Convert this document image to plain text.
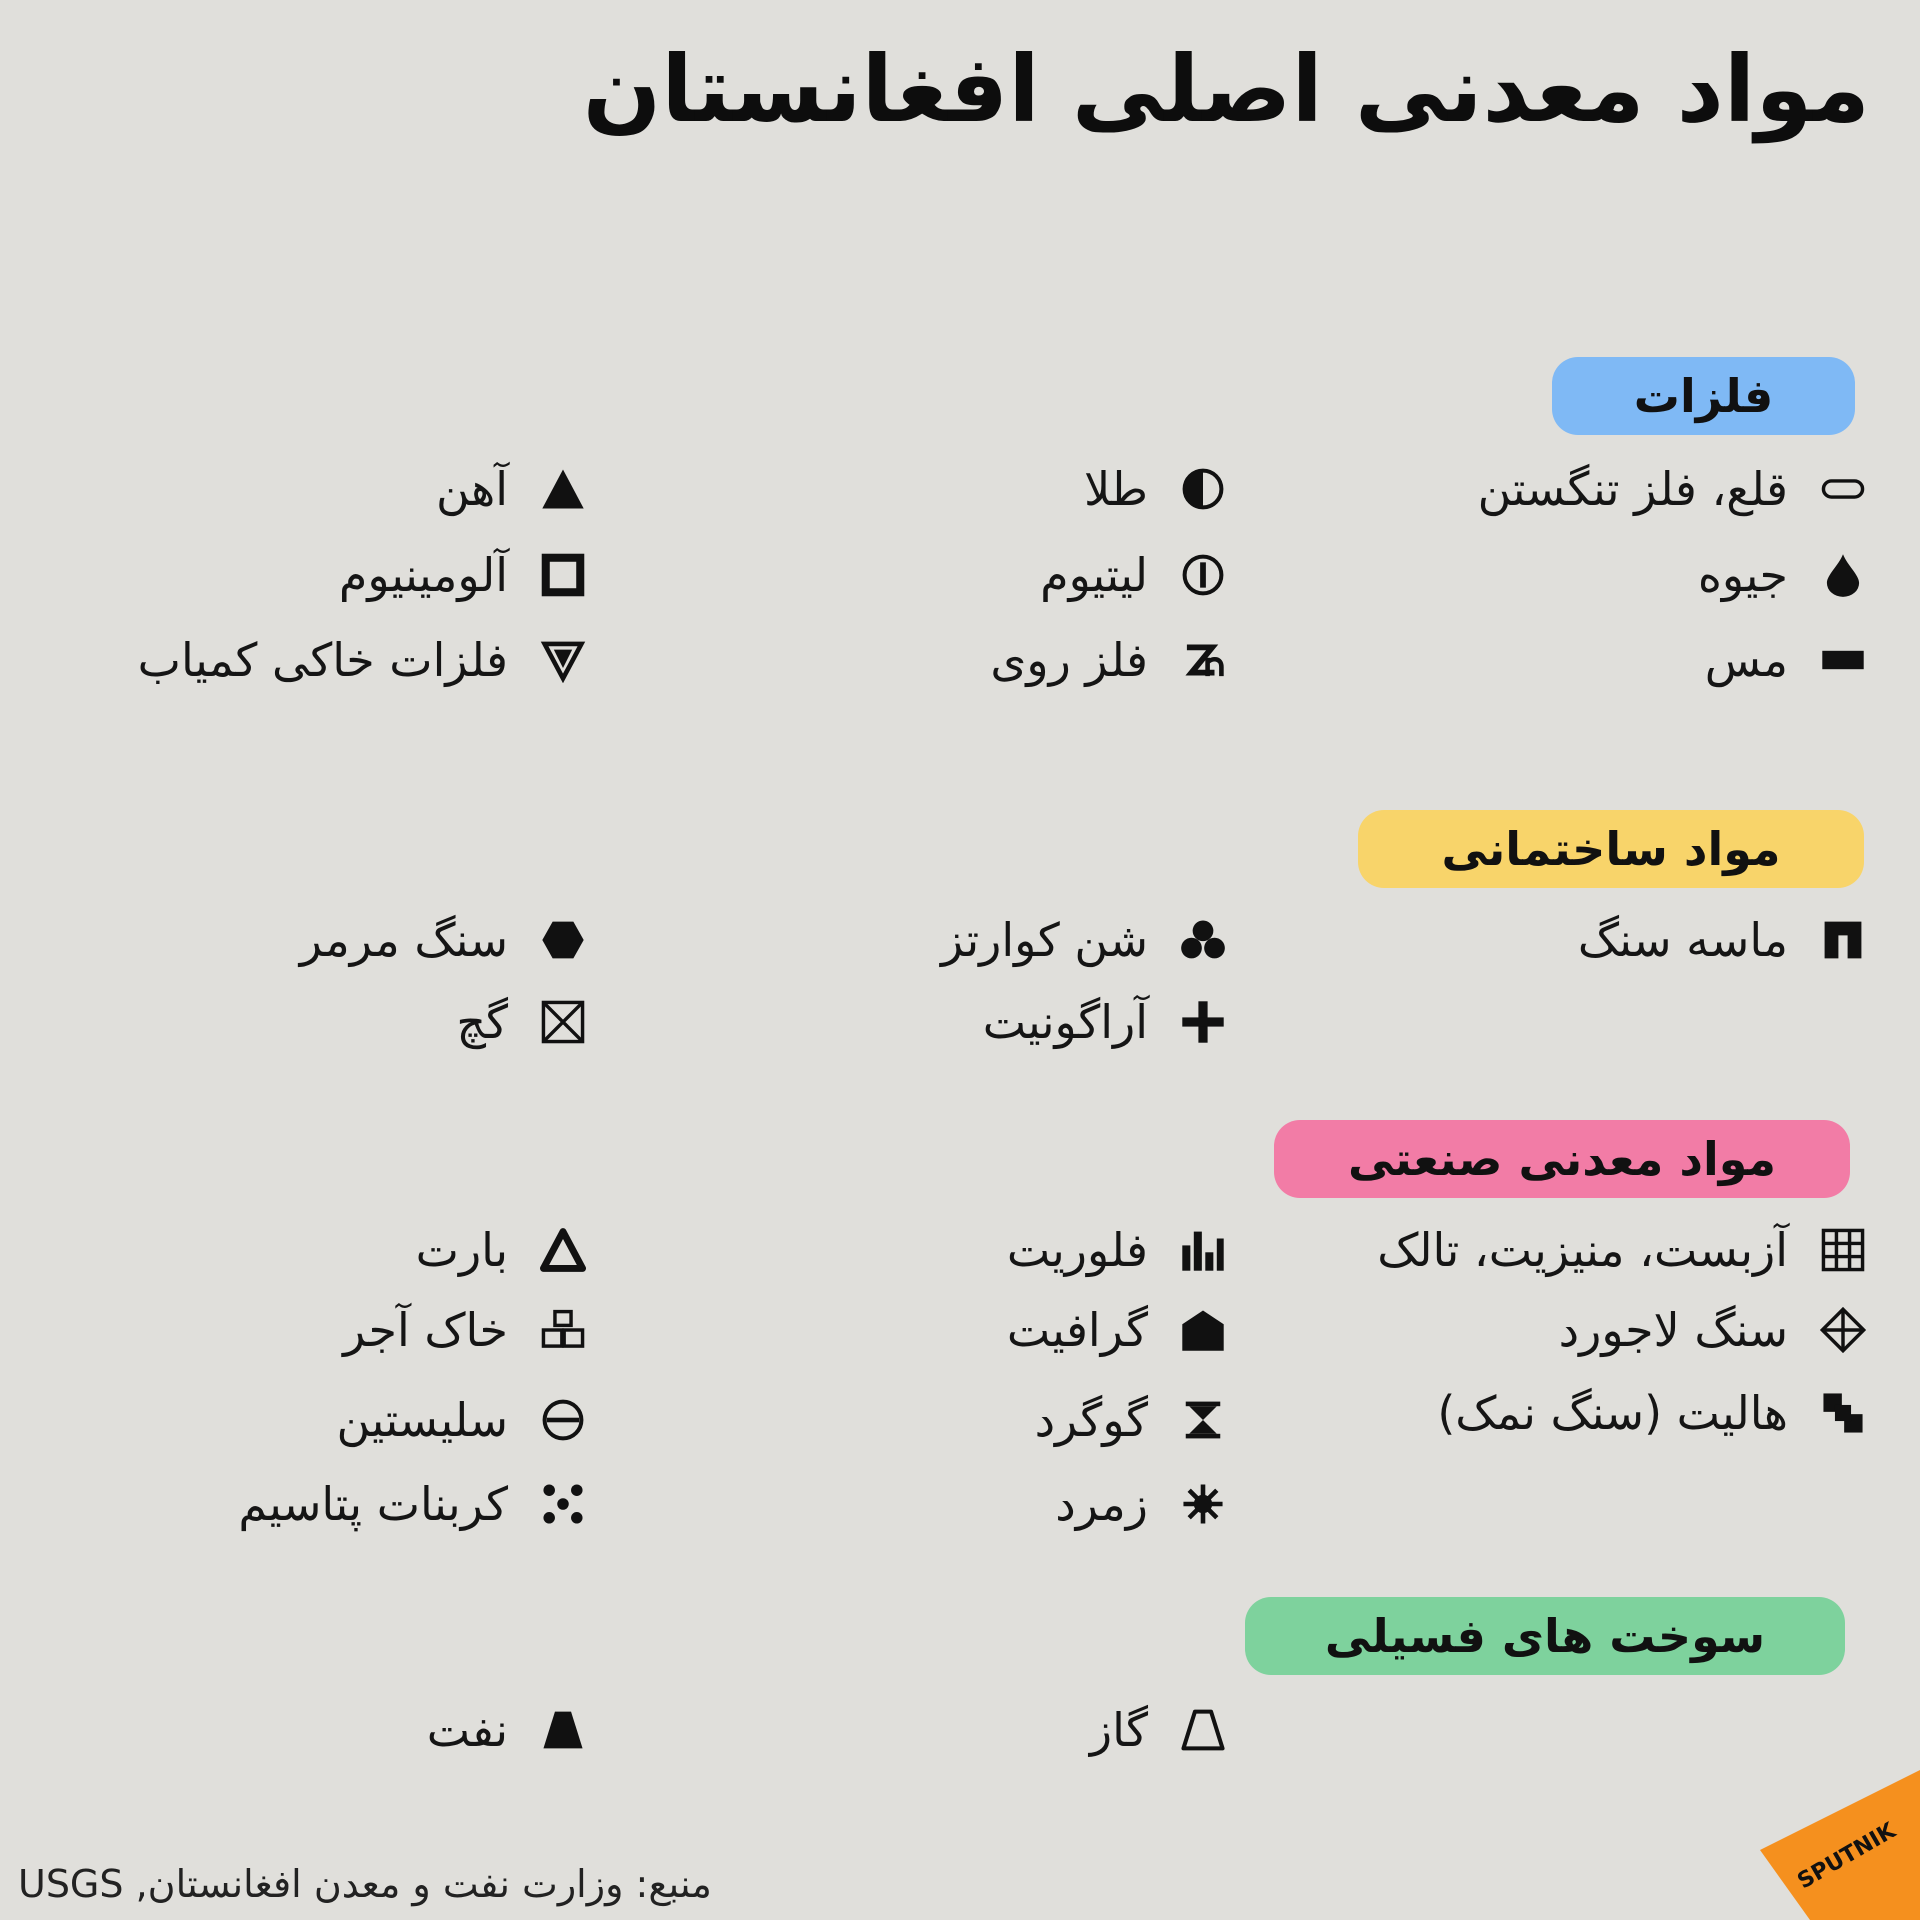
مواد معدنی اصلی افغانستان
فلزات
مواد ساختمانی
مواد معدنی صنعتی
سوخت های فسیلی
قلع، فلز تنگستن
طلا
آهن
جیوه
لیتیوم
آلومینیوم
مس
فلز روی
فلزات خاکی کمیاب
ماسه سنگ
شن کوارتز
سنگ مرمر
آراگونیت
گچ
آزبست، منیزیت، تالک
فلوریت
بارت
سنگ لاجورد
گرافیت
خاک آجر
هالیت (سنگ نمک)
گوگرد
سلیستین
زمرد
کربنات پتاسیم
گاز
نفت
منبع: وزارت نفت و معدن افغانستان, USGS	SPUTNIK
